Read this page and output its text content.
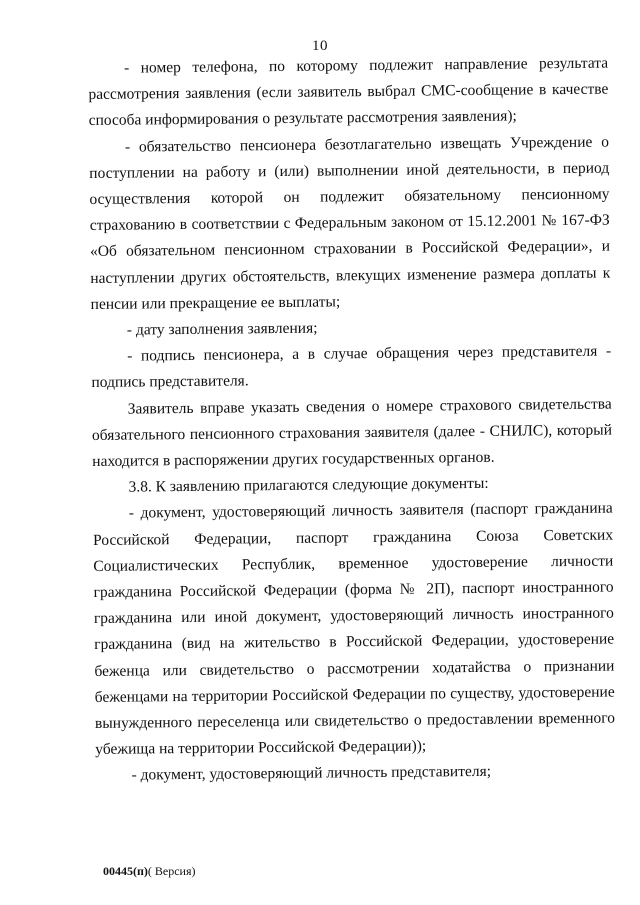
10

- номер телефона, по которому подлежит направление результата рассмотрения заявления (если заявитель выбрал СМС-сообщение в качестве способа информирования о результате рассмотрения заявления);

- обязательство пенсионера безотлагательно извещать Учреждение о поступлении на работу и (или) выполнении иной деятельности, в период осуществления которой он подлежит обязательному пенсионному страхованию в соответствии с Федеральным законом от 15.12.2001 № 167-ФЗ «Об обязательном пенсионном страховании в Российской Федерации», и наступлении других обстоятельств, влекущих изменение размера доплаты к пенсии или прекращение ее выплаты;

- дату заполнения заявления;

- подпись пенсионера, а в случае обращения через представителя - подпись представителя.

Заявитель вправе указать сведения о номере страхового свидетельства обязательного пенсионного страхования заявителя (далее - СНИЛС), который находится в распоряжении других государственных органов.

3.8. К заявлению прилагаются следующие документы:

- документ, удостоверяющий личность заявителя (паспорт гражданина Российской Федерации, паспорт гражданина Союза Советских Социалистических Республик, временное удостоверение личности гражданина Российской Федерации (форма № 2П), паспорт иностранного гражданина или иной документ, удостоверяющий личность иностранного гражданина (вид на жительство в Российской Федерации, удостоверение беженца или свидетельство о рассмотрении ходатайства о признании беженцами на территории Российской Федерации по существу, удостоверение вынужденного переселенца или свидетельство о предоставлении временного убежища на территории Российской Федерации));

- документ, удостоверяющий личность представителя;

00445(п)( Версия)
